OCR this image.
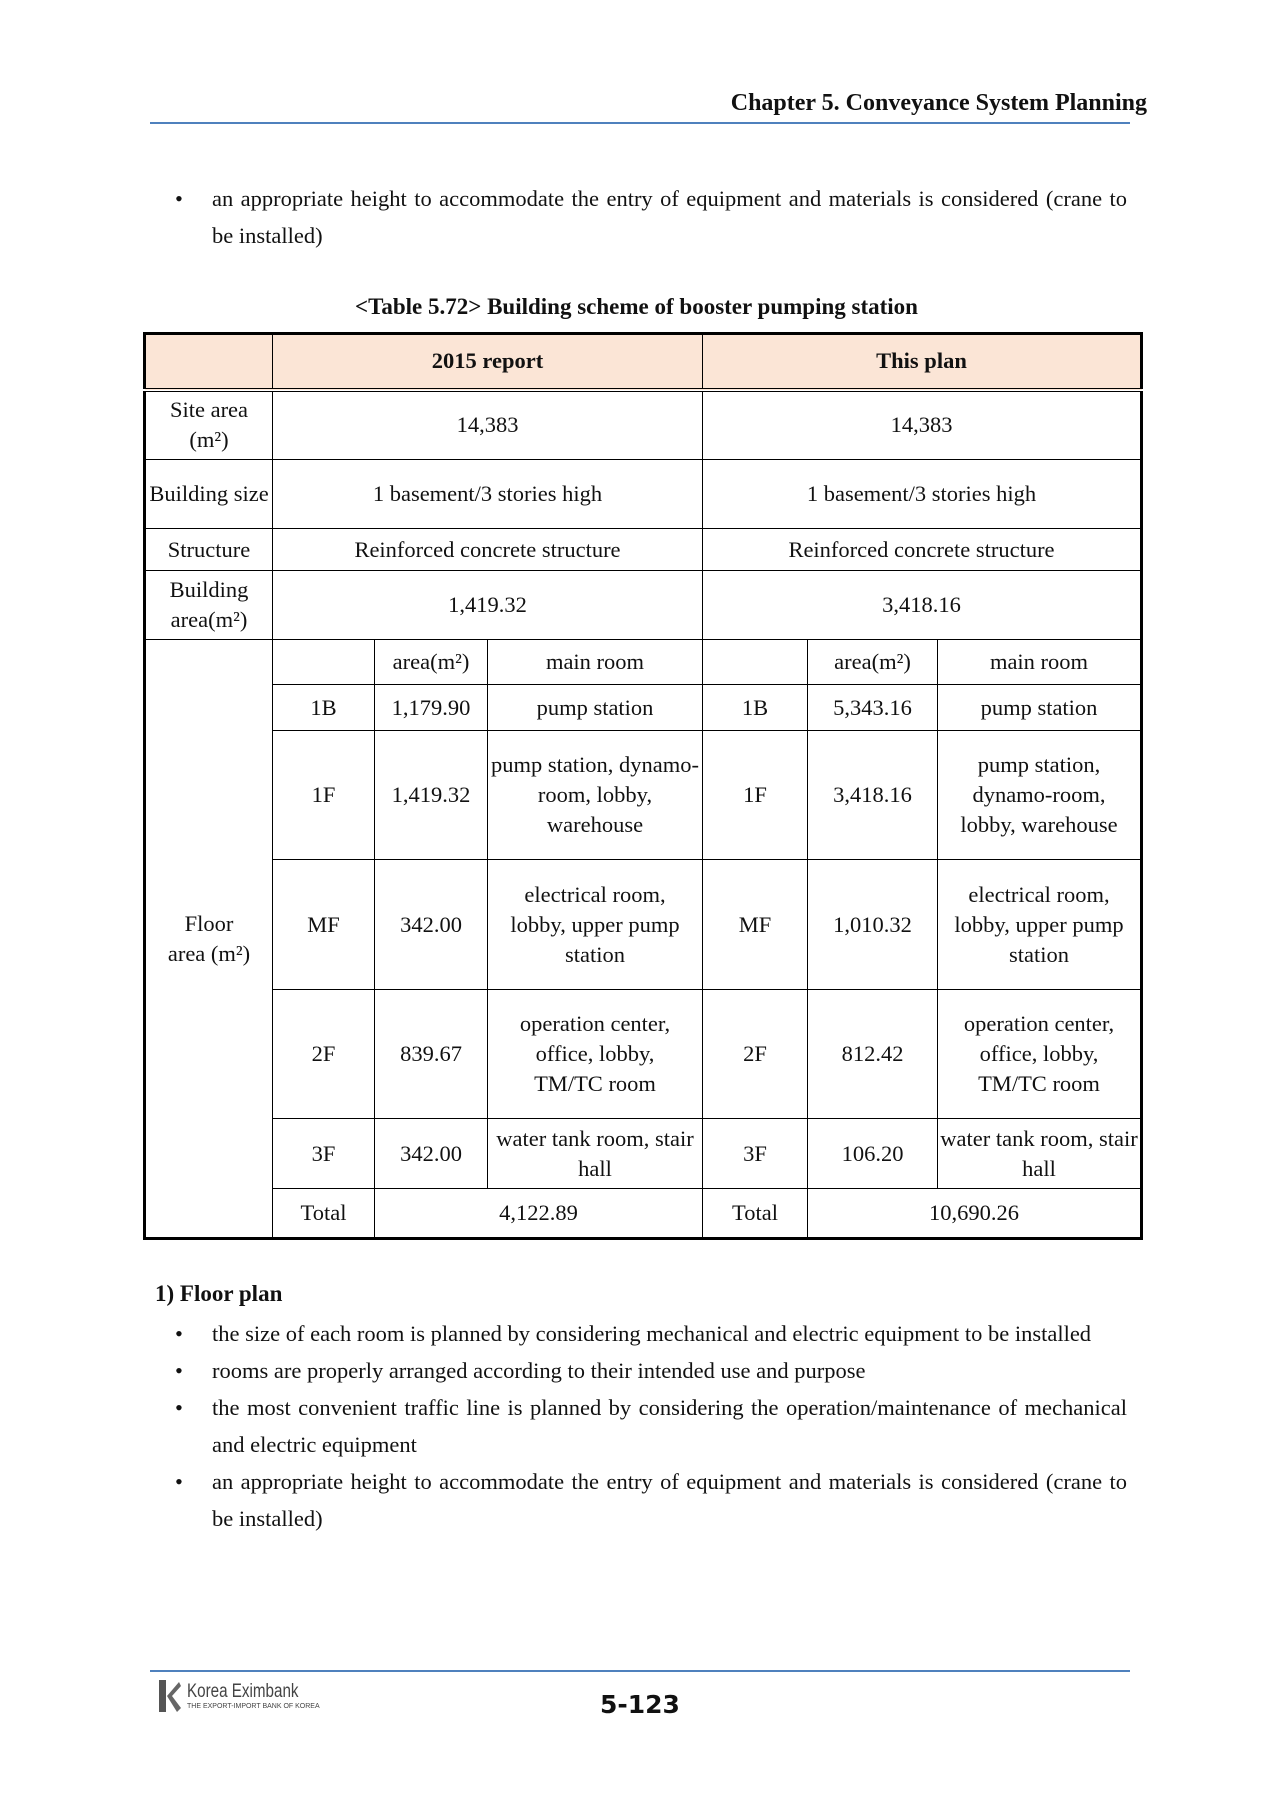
Chapter 5. Conveyance System Planning
• an appropriate height to accommodate the entry of equipment and materials is considered (crane to be installed)
<Table 5.72> Building scheme of booster pumping station
	2015 report			This plan		
Site area (m²)	14,383			14,383		
Building size	1 basement/3 stories high			1 basement/3 stories high		
Structure	Reinforced concrete structure			Reinforced concrete structure		
Building area(m²)	1,419.32			3,418.16		
Floor area (m²)		area(m²)	main room		area(m²)	main room
	1B	1,179.90	pump station	1B	5,343.16	pump station
	1F	1,419.32	pump station, dynamo-room, lobby, warehouse	1F	3,418.16	pump station, dynamo-room, lobby, warehouse
	MF	342.00	electrical room, lobby, upper pump station	MF	1,010.32	electrical room, lobby, upper pump station
	2F	839.67	operation center, office, lobby, TM/TC room	2F	812.42	operation center, office, lobby, TM/TC room
	3F	342.00	water tank room, stair hall	3F	106.20	water tank room, stair hall
	Total	4,122.89		Total	10,690.26	
1) Floor plan
• the size of each room is planned by considering mechanical and electric equipment to be installed
• rooms are properly arranged according to their intended use and purpose
• the most convenient traffic line is planned by considering the operation/maintenance of mechanical and electric equipment
• an appropriate height to accommodate the entry of equipment and materials is considered (crane to be installed)
Korea Eximbank
THE EXPORT-IMPORT BANK OF KOREA	5-123
